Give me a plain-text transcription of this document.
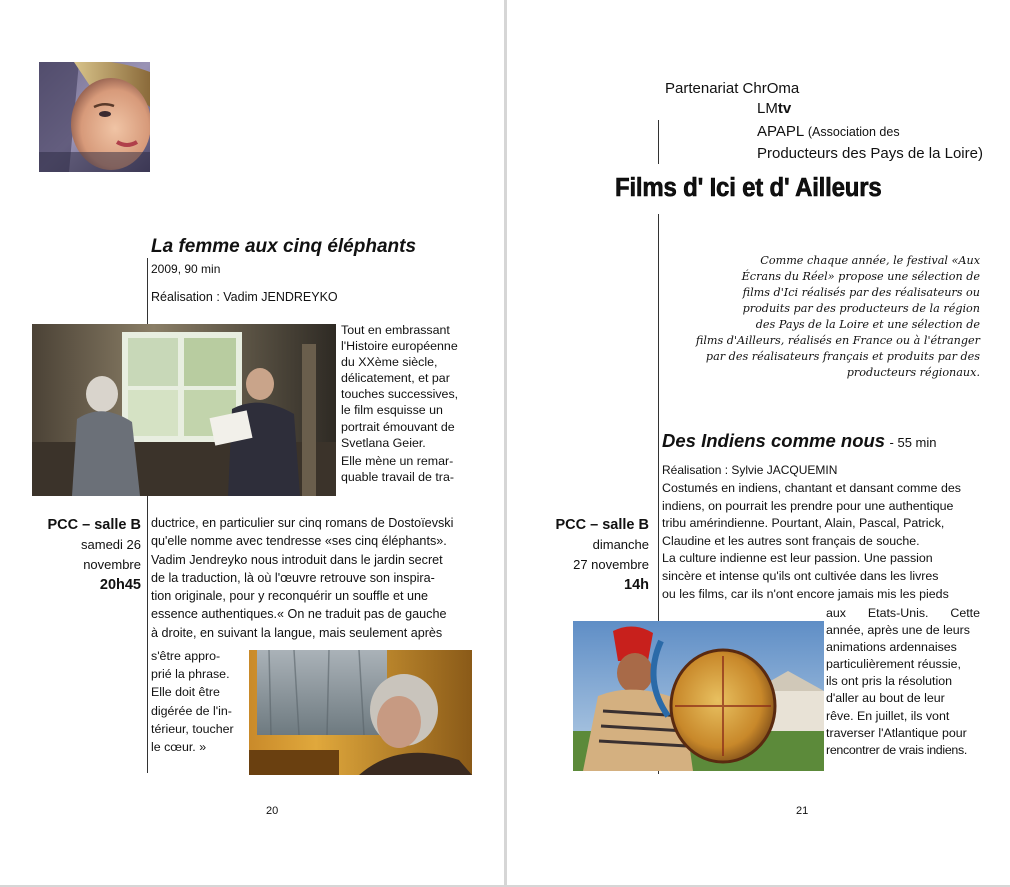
La femme aux cinq éléphants
2009, 90 min
Réalisation : Vadim JENDREYKO
Tout en embrassant
l'Histoire européenne
du XXème siècle,
délicatement, et par
touches successives,
le film esquisse un
portrait émouvant de
Svetlana Geier.
Elle mène un remar-
quable travail de tra-
PCC – salle B
samedi 26
novembre
20h45
ductrice, en particulier sur cinq romans de Dostoïevski
qu'elle nomme avec tendresse «ses cinq éléphants».
Vadim Jendreyko nous introduit dans le jardin secret
de la traduction, là où l'œuvre retrouve son inspira-
tion originale, pour y reconquérir un souffle et une
essence authentiques.« On ne traduit pas de gauche
à droite, en suivant la langue, mais seulement après
s'être appro-
prié la phrase.
Elle doit être
digérée de l'in-
térieur, toucher
le cœur. »
20
Partenariat ChrOma
LMtv
APAPL (Association des
Producteurs des Pays de la Loire)
Films d' Ici et d' Ailleurs
Comme chaque année, le festival «Aux
Écrans du Réel» propose une sélection de
films d'Ici réalisés par des réalisateurs ou
produits par des producteurs de la région
des Pays de la Loire et une sélection de
films d'Ailleurs, réalisés en France ou à l'étranger
par des réalisateurs français et produits par des
producteurs régionaux.
Des Indiens comme nous - 55 min
Réalisation : Sylvie JACQUEMIN
Costumés en indiens, chantant et dansant comme des
indiens, on pourrait les prendre pour une authentique
tribu amérindienne. Pourtant, Alain, Pascal, Patrick,
Claudine et les autres sont français de souche.
La culture indienne est leur passion. Une passion
sincère et intense qu'ils ont cultivée dans les livres
ou les films, car ils n'ont encore jamais mis les pieds
PCC – salle B
dimanche
27 novembre
14h
aux Etats-Unis. Cette
année, après une de leurs
animations ardennaises
particulièrement réussie,
ils ont pris la résolution
d'aller au bout de leur
rêve. En juillet, ils vont
traverser l'Atlantique pour
rencontrer de vrais indiens.
21
